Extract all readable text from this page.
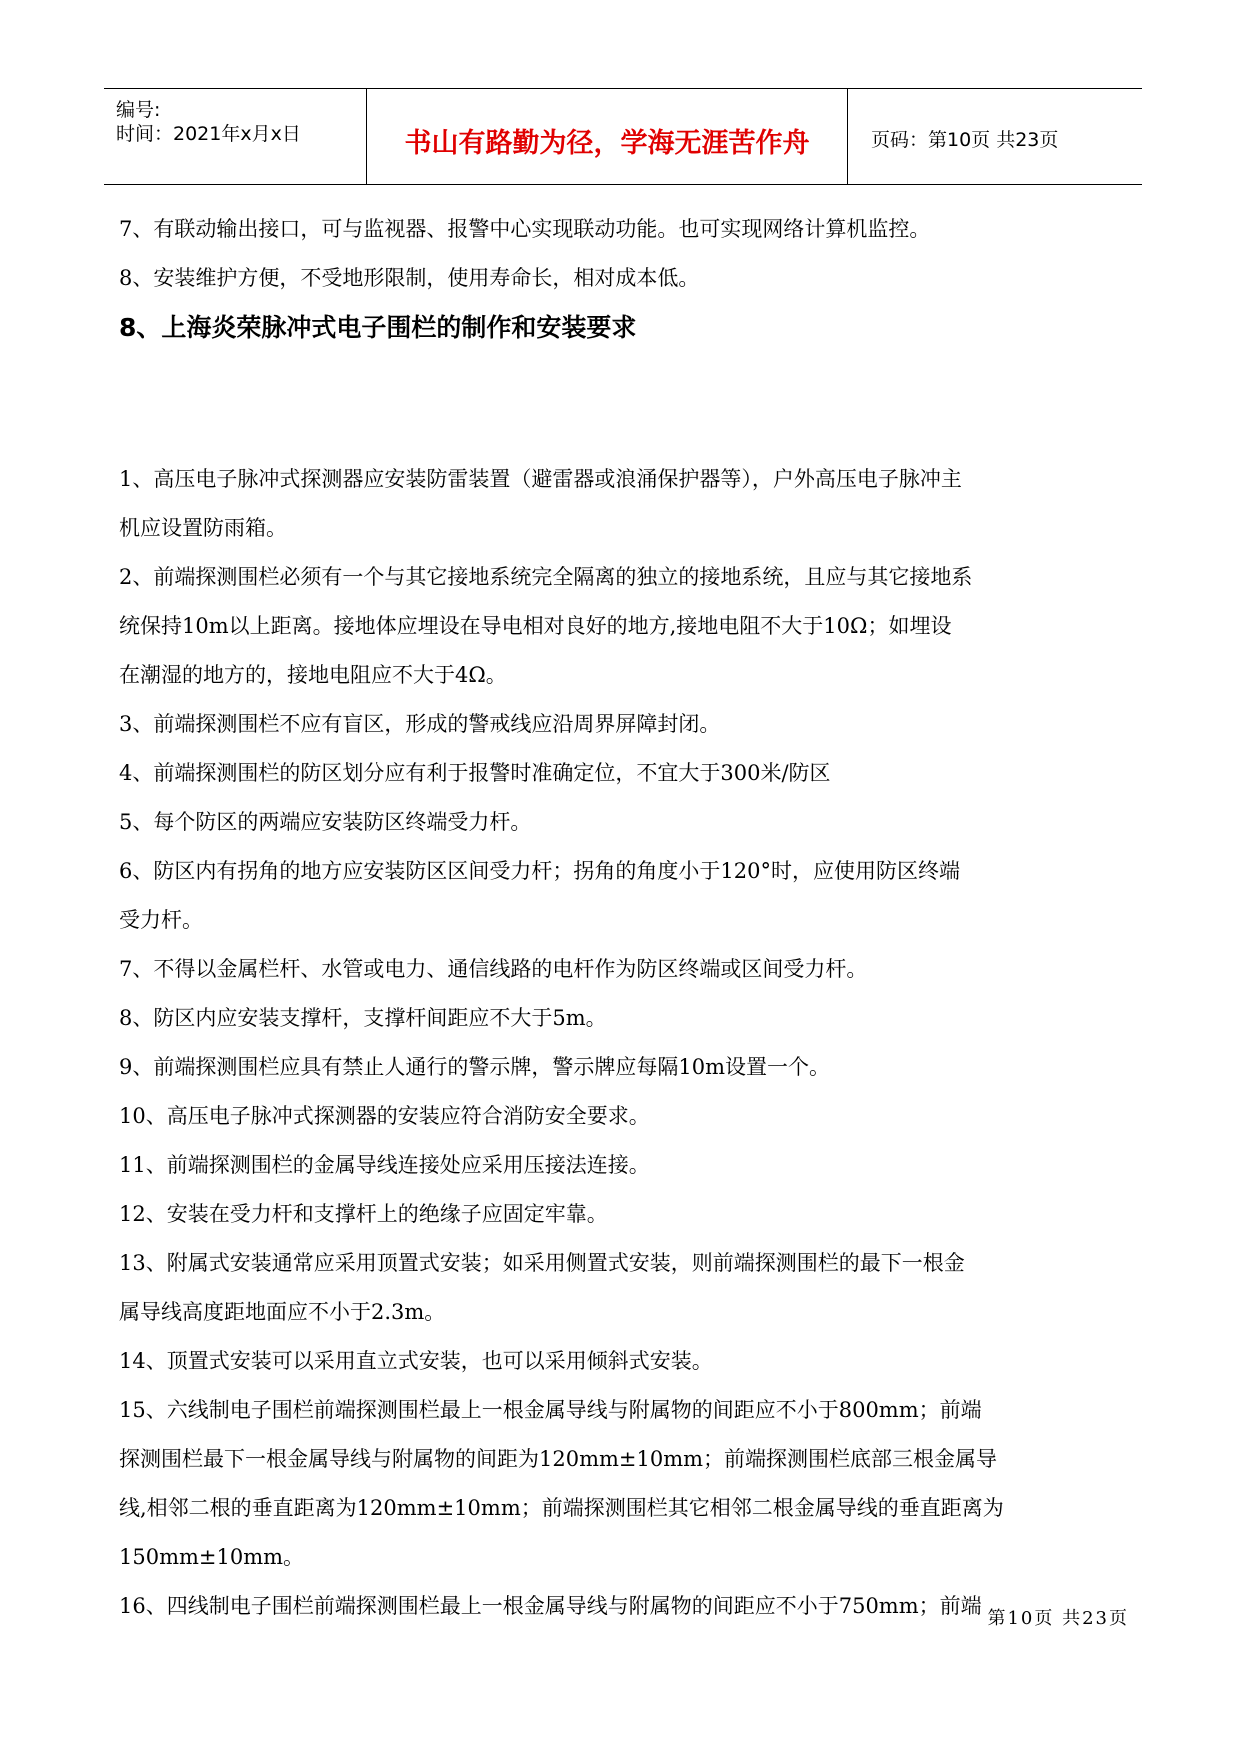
编号:
时间：2021年x月x日	书山有路勤为径，学海无涯苦作舟	页码：第10页 共23页
7、有联动输出接口，可与监视器、报警中心实现联动功能。也可实现网络计算机监控。
8、安装维护方便，不受地形限制，使用寿命长，相对成本低。
8、上海炎荣脉冲式电子围栏的制作和安装要求
1、高压电子脉冲式探测器应安装防雷装置（避雷器或浪涌保护器等），户外高压电子脉冲主
机应设置防雨箱。
2、前端探测围栏必须有一个与其它接地系统完全隔离的独立的接地系统，且应与其它接地系
统保持10m以上距离。接地体应埋设在导电相对良好的地方,接地电阻不大于10Ω；如埋设
在潮湿的地方的，接地电阻应不大于4Ω。
3、前端探测围栏不应有盲区，形成的警戒线应沿周界屏障封闭。
4、前端探测围栏的防区划分应有利于报警时准确定位，不宜大于300米/防区
5、每个防区的两端应安装防区终端受力杆。
6、防区内有拐角的地方应安装防区区间受力杆；拐角的角度小于120°时，应使用防区终端
受力杆。
7、不得以金属栏杆、水管或电力、通信线路的电杆作为防区终端或区间受力杆。
8、防区内应安装支撑杆，支撑杆间距应不大于5m。
9、前端探测围栏应具有禁止人通行的警示牌，警示牌应每隔10m设置一个。
10、高压电子脉冲式探测器的安装应符合消防安全要求。
11、前端探测围栏的金属导线连接处应采用压接法连接。
12、安装在受力杆和支撑杆上的绝缘子应固定牢靠。
13、附属式安装通常应采用顶置式安装；如采用侧置式安装，则前端探测围栏的最下一根金
属导线高度距地面应不小于2.3m。
14、顶置式安装可以采用直立式安装，也可以采用倾斜式安装。
15、六线制电子围栏前端探测围栏最上一根金属导线与附属物的间距应不小于800mm；前端
探测围栏最下一根金属导线与附属物的间距为120mm±10mm；前端探测围栏底部三根金属导
线,相邻二根的垂直距离为120mm±10mm；前端探测围栏其它相邻二根金属导线的垂直距离为
150mm±10mm。
16、四线制电子围栏前端探测围栏最上一根金属导线与附属物的间距应不小于750mm；前端
第10页 共23页
